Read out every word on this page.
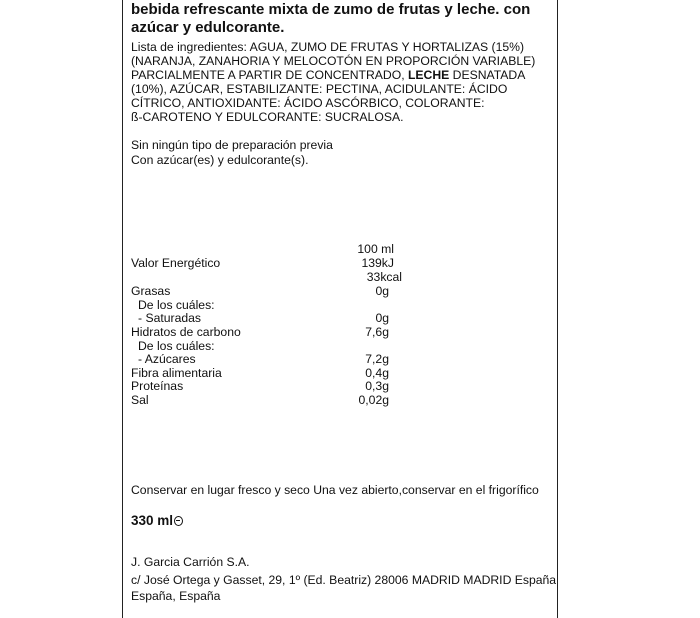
bebida refrescante mixta de zumo de frutas y leche. con
azúcar y edulcorante.
Lista de ingredientes: AGUA, ZUMO DE FRUTAS Y HORTALIZAS (15%)
(NARANJA, ZANAHORIA Y MELOCOTÓN EN PROPORCIÓN VARIABLE)
PARCIALMENTE A PARTIR DE CONCENTRADO, LECHE DESNATADA
(10%), AZÚCAR, ESTABILIZANTE: PECTINA, ACIDULANTE: ÁCIDO
CÍTRICO, ANTIOXIDANTE: ÁCIDO ASCÓRBICO, COLORANTE:
ß-CAROTENO Y EDULCORANTE: SUCRALOSA.
Sin ningún tipo de preparación previa
Con azúcar(es) y edulcorante(s).
100 ml
Valor Energético	139kJ
33kcal
Grasas	0g
De los cuáles:
- Saturadas	0g
Hidratos de carbono	7,6g
De los cuáles:
- Azúcares	7,2g
Fibra alimentaria	0,4g
Proteínas	0,3g
Sal	0,02g
Conservar en lugar fresco y seco Una vez abierto,conservar en el frigorífico
330 ml
J. Garcia Carrión S.A.
c/ José Ortega y Gasset, 29, 1º (Ed. Beatriz) 28006 MADRID MADRID España
España, España
